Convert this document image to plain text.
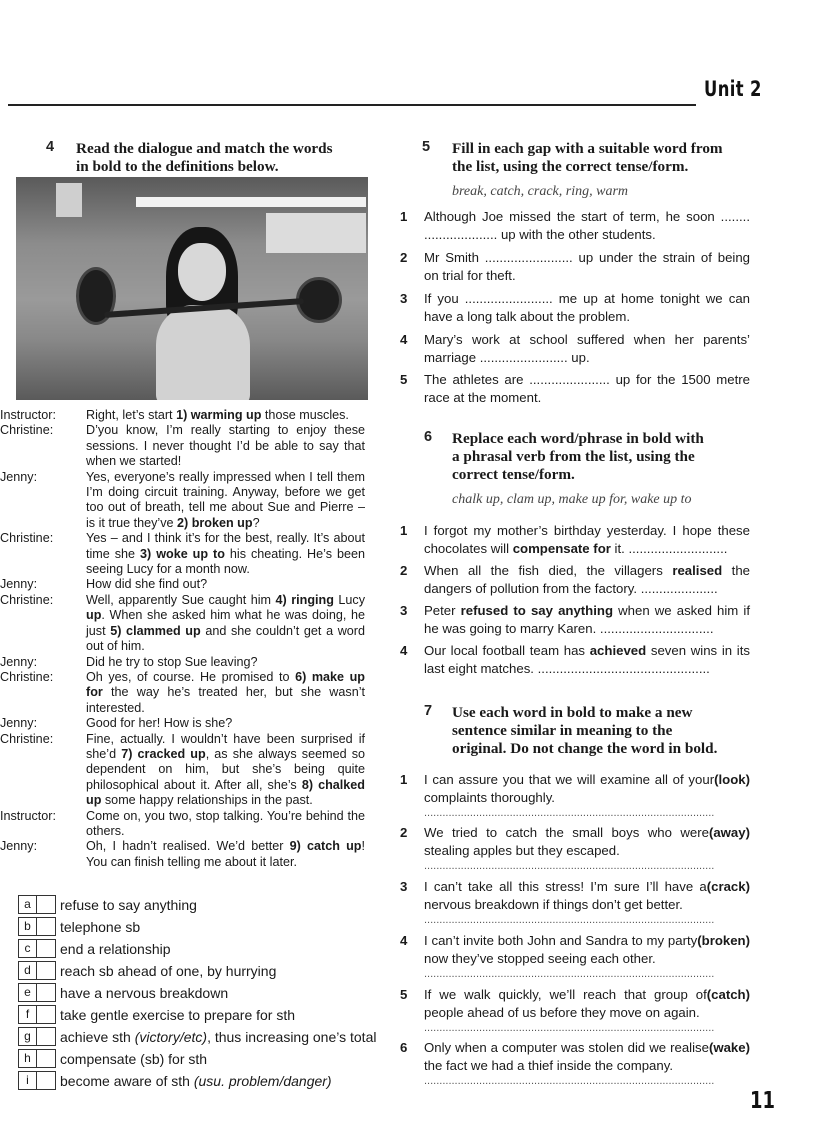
Unit 2
4 Read the dialogue and match the words
in bold to the definitions below.
Instructor:	Right, let’s start 1) warming up those muscles.
Christine:	D’you know, I’m really starting to enjoy these sessions. I never thought I’d be able to say that when we started!
Jenny:	Yes, everyone’s really impressed when I tell them I’m doing circuit training. Anyway, before we get too out of breath, tell me about Sue and Pierre – is it true they’ve 2) broken up?
Christine:	Yes – and I think it’s for the best, really. It’s about time she 3) woke up to his cheating. He’s been seeing Lucy for a month now.
Jenny:	How did she find out?
Christine:	Well, apparently Sue caught him 4) ringing Lucy up. When she asked him what he was doing, he just 5) clammed up and she couldn’t get a word out of him.
Jenny:	Did he try to stop Sue leaving?
Christine:	Oh yes, of course. He promised to 6) make up for the way he’s treated her, but she wasn’t interested.
Jenny:	Good for her! How is she?
Christine:	Fine, actually. I wouldn’t have been surprised if she’d 7) cracked up, as she always seemed so dependent on him, but she’s being quite philosophical about it. After all, she’s 8) chalked up some happy relationships in the past.
Instructor:	Come on, you two, stop talking. You’re behind the others.
Jenny:	Oh, I hadn’t realised. We’d better 9) catch up! You can finish telling me about it later.
a	refuse to say anything
b	telephone sb
c	end a relationship
d	reach sb ahead of one, by hurrying
e	have a nervous breakdown
f	take gentle exercise to prepare for sth
g	achieve sth (victory/etc), thus increasing one’s total
h	compensate (sb) for sth
i	become aware of sth (usu. problem/danger)
5 Fill in each gap with a suitable word from
the list, using the correct tense/form.
break, catch, crack, ring, warm
1	Although Joe missed the start of term, he soon ........ .................... up with the other students.
2	Mr Smith ........................ up under the strain of being on trial for theft.
3	If you ........................ me up at home tonight we can have a long talk about the problem.
4	Mary’s work at school suffered when her parents’ marriage ........................ up.
5	The athletes are ...................... up for the 1500 metre race at the moment.
6 Replace each word/phrase in bold with
a phrasal verb from the list, using the
correct tense/form.
chalk up, clam up, make up for, wake up to
1	I forgot my mother’s birthday yesterday. I hope these chocolates will compensate for it. ...........................
2	When all the fish died, the villagers realised the dangers of pollution from the factory. .....................
3	Peter refused to say anything when we asked him if he was going to marry Karen. ...............................
4	Our local football team has achieved seven wins in its last eight matches. ...............................................
7 Use each word in bold to make a new
sentence similar in meaning to the
original. Do not change the word in bold.
1	(look)
I can assure you that we will examine all of your complaints thoroughly.
...............................................................................................
2	(away)
We tried to catch the small boys who were stealing apples but they escaped.
...............................................................................................
3	(crack)
I can’t take all this stress! I’m sure I’ll have a nervous breakdown if things don’t get better.
...............................................................................................
4	(broken)
I can’t invite both John and Sandra to my party now they’ve stopped seeing each other.
...............................................................................................
5	(catch)
If we walk quickly, we’ll reach that group of people ahead of us before they move on again.
...............................................................................................
6	(wake)
Only when a computer was stolen did we realise the fact we had a thief inside the company.
...............................................................................................
11
